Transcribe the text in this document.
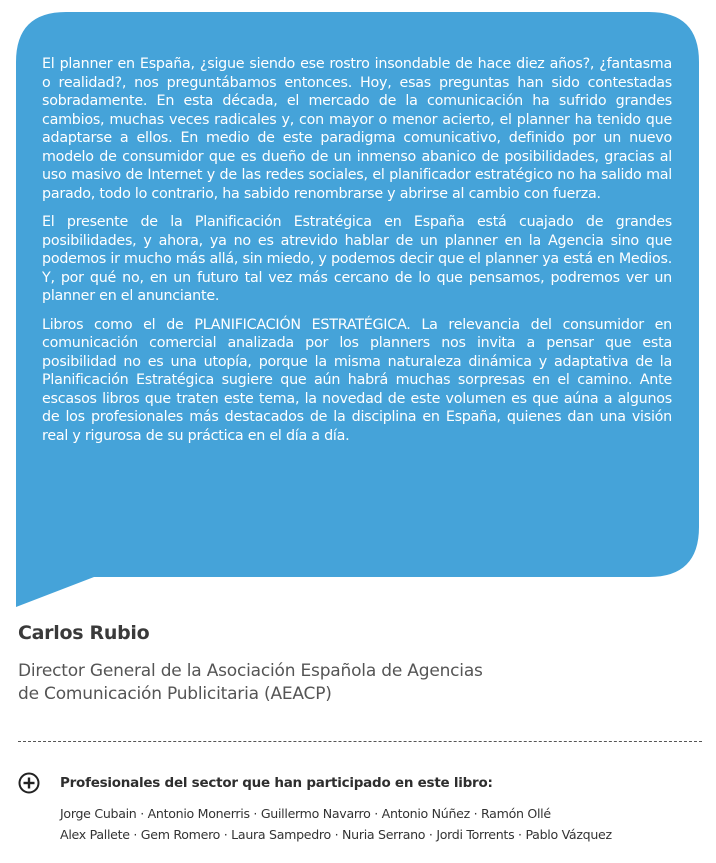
El planner en España, ¿sigue siendo ese rostro insondable de hace diez años?, ¿fantasma o realidad?, nos preguntábamos entonces. Hoy, esas preguntas han sido contestadas sobradamente. En esta década, el mercado de la comunicación ha sufrido grandes cambios, muchas veces radicales y, con mayor o menor acierto, el planner ha tenido que adaptarse a ellos. En medio de este paradigma comunicativo, definido por un nuevo modelo de consumidor que es dueño de un inmenso abanico de posibilidades, gracias al uso masivo de Internet y de las redes sociales, el planificador estratégico no ha salido mal parado, todo lo contrario, ha sabido renombrarse y abrirse al cambio con fuerza.

El presente de la Planificación Estratégica en España está cuajado de grandes posibilidades, y ahora, ya no es atrevido hablar de un planner en la Agencia sino que podemos ir mucho más allá, sin miedo, y podemos decir que el planner ya está en Medios. Y, por qué no, en un futuro tal vez más cercano de lo que pensamos, podremos ver un planner en el anunciante.

Libros como el de PLANIFICACIÓN ESTRATÉGICA. La relevancia del consumidor en comunicación comercial analizada por los planners nos invita a pensar que esta posibilidad no es una utopía, porque la misma naturaleza dinámica y adaptativa de la Planificación Estratégica sugiere que aún habrá muchas sorpresas en el camino. Ante escasos libros que traten este tema, la novedad de este volumen es que aúna a algunos de los profesionales más destacados de la disciplina en España, quienes dan una visión real y rigurosa de su práctica en el día a día.

Carlos Rubio
Director General de la Asociación Española de Agencias
de Comunicación Publicitaria (AEACP)
Profesionales del sector que han participado en este libro:
Jorge Cubain · Antonio Monerris · Guillermo Navarro · Antonio Núñez · Ramón Ollé
Alex Pallete · Gem Romero · Laura Sampedro · Nuria Serrano · Jordi Torrents · Pablo Vázquez
